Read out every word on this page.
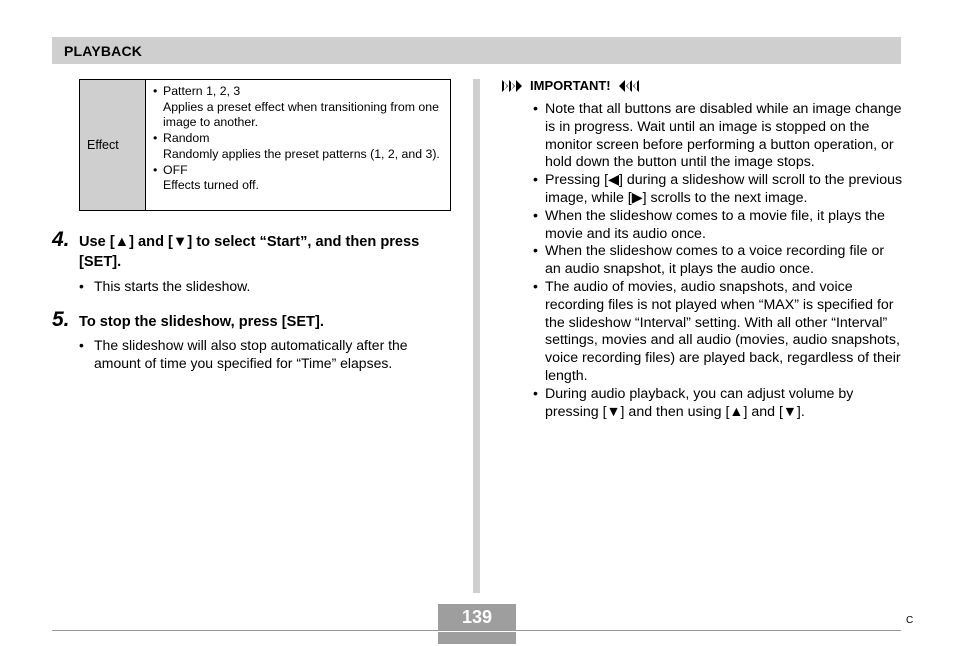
PLAYBACK
Effect
• Pattern 1, 2, 3
Applies a preset effect when transitioning from one image to another.
• Random
Randomly applies the preset patterns (1, 2, and 3).
• OFF
Effects turned off.
4. Use [▲] and [▼] to select “Start”, and then press [SET].
• This starts the slideshow.
5. To stop the slideshow, press [SET].
• The slideshow will also stop automatically after the amount of time you specified for “Time” elapses.
IMPORTANT!
• Note that all buttons are disabled while an image change is in progress. Wait until an image is stopped on the monitor screen before performing a button operation, or hold down the button until the image stops.
• Pressing [◀] during a slideshow will scroll to the previous image, while [▶] scrolls to the next image.
• When the slideshow comes to a movie file, it plays the movie and its audio once.
• When the slideshow comes to a voice recording file or an audio snapshot, it plays the audio once.
• The audio of movies, audio snapshots, and voice recording files is not played when “MAX” is specified for the slideshow “Interval” setting. With all other “Interval” settings, movies and all audio (movies, audio snapshots, voice recording files) are played back, regardless of their length.
• During audio playback, you can adjust volume by pressing [▼] and then using [▲] and [▼].
139	C
